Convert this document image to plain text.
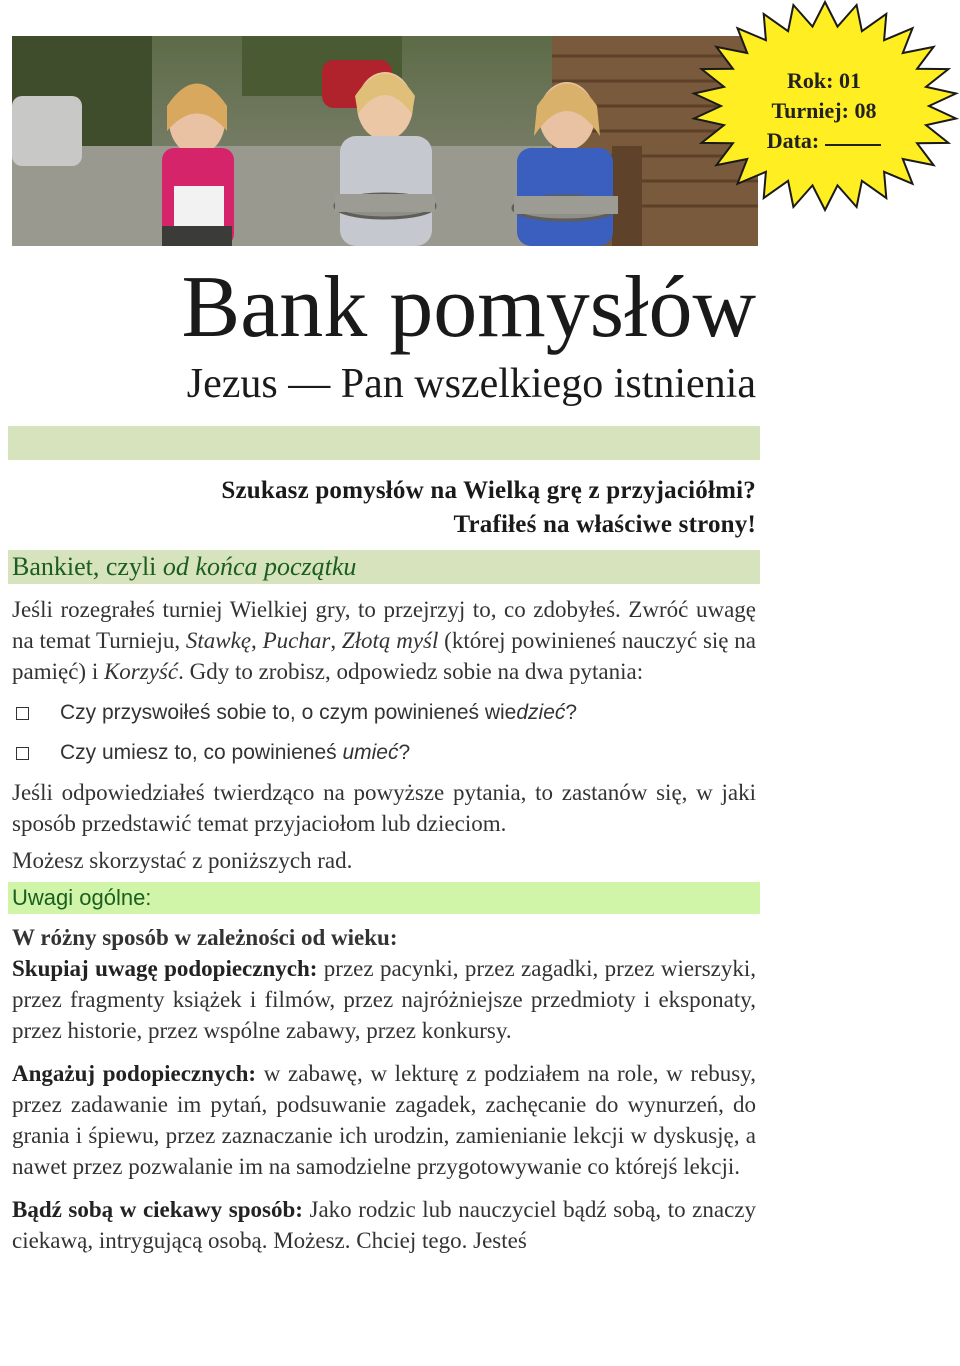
Rok: 01
Turniej: 08
Data:
Bank pomysłów
Jezus — Pan wszelkiego istnienia
Szukasz pomysłów na Wielką grę z przyjaciółmi?
Trafiłeś na właściwe strony!
Bankiet, czyli od końca początku

Jeśli rozegrałeś turniej Wielkiej gry, to przejrzyj to, co zdobyłeś. Zwróć uwagę na temat Turnieju, Stawkę, Puchar, Złotą myśl (której powinieneś nauczyć się na pamięć) i Korzyść. Gdy to zrobisz, odpowiedz sobie na dwa pytania:

Czy przyswoiłeś sobie to, o czym powinieneś wiedzieć?
Czy umiesz to, co powinieneś umieć?

Jeśli odpowiedziałeś twierdząco na powyższe pytania, to zastanów się, w jaki sposób przedstawić temat przyjaciołom lub dzieciom.

Możesz skorzystać z poniższych rad.

Uwagi ogólne:

W różny sposób w zależności od wieku:

Skupiaj uwagę podopiecznych: przez pacynki, przez zagadki, przez wierszyki, przez fragmenty książek i filmów, przez najróżniejsze przedmioty i eksponaty, przez historie, przez wspólne zabawy, przez konkursy.

Angażuj podopiecznych: w zabawę, w lekturę z podziałem na role, w rebusy, przez zadawanie im pytań, podsuwanie zagadek, zachęcanie do wynurzeń, do grania i śpiewu, przez zaznaczanie ich urodzin, zamienianie lekcji w dyskusję, a nawet przez pozwalanie im na samodzielne przygotowywanie co którejś lekcji.

Bądź sobą w ciekawy sposób: Jako rodzic lub nauczyciel bądź sobą, to znaczy ciekawą, intrygującą osobą. Możesz. Chciej tego. Jesteś
